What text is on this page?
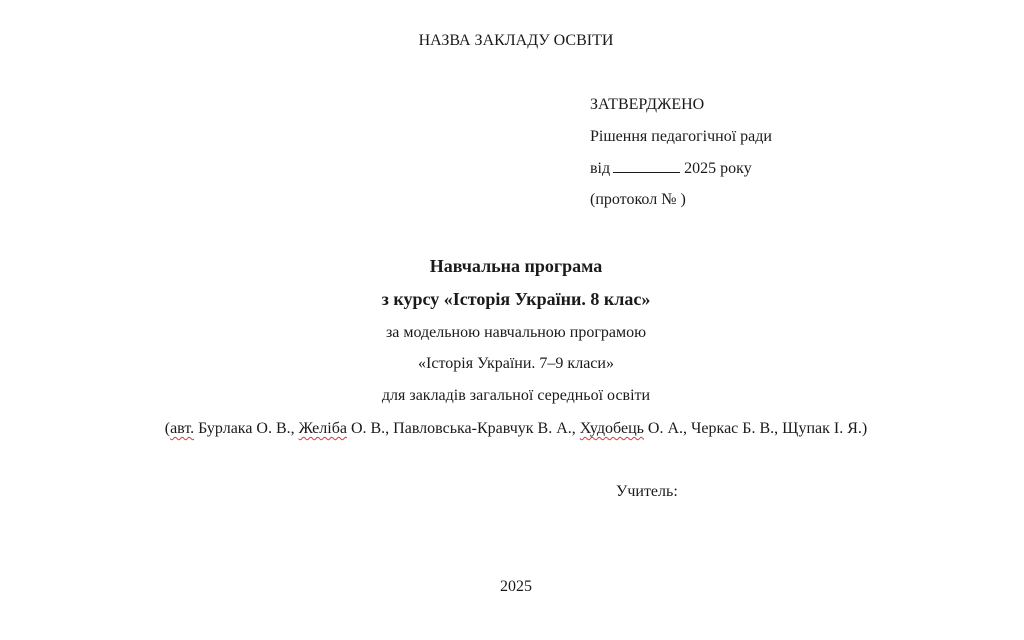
НАЗВА ЗАКЛАДУ ОСВІТИ
ЗАТВЕРДЖЕНО
Рішення педагогічної ради
від	2025 року
(протокол № )
Навчальна програма
з курсу «Історія України. 8 клас»
за модельною навчальною програмою
«Історія України. 7–9 класи»
для закладів загальної середньої освіти
(авт. Бурлака О. В., Желіба О. В., Павловська-Кравчук В. А., Худобець О. А., Черкас Б. В., Щупак І. Я.)
Учитель:
2025
